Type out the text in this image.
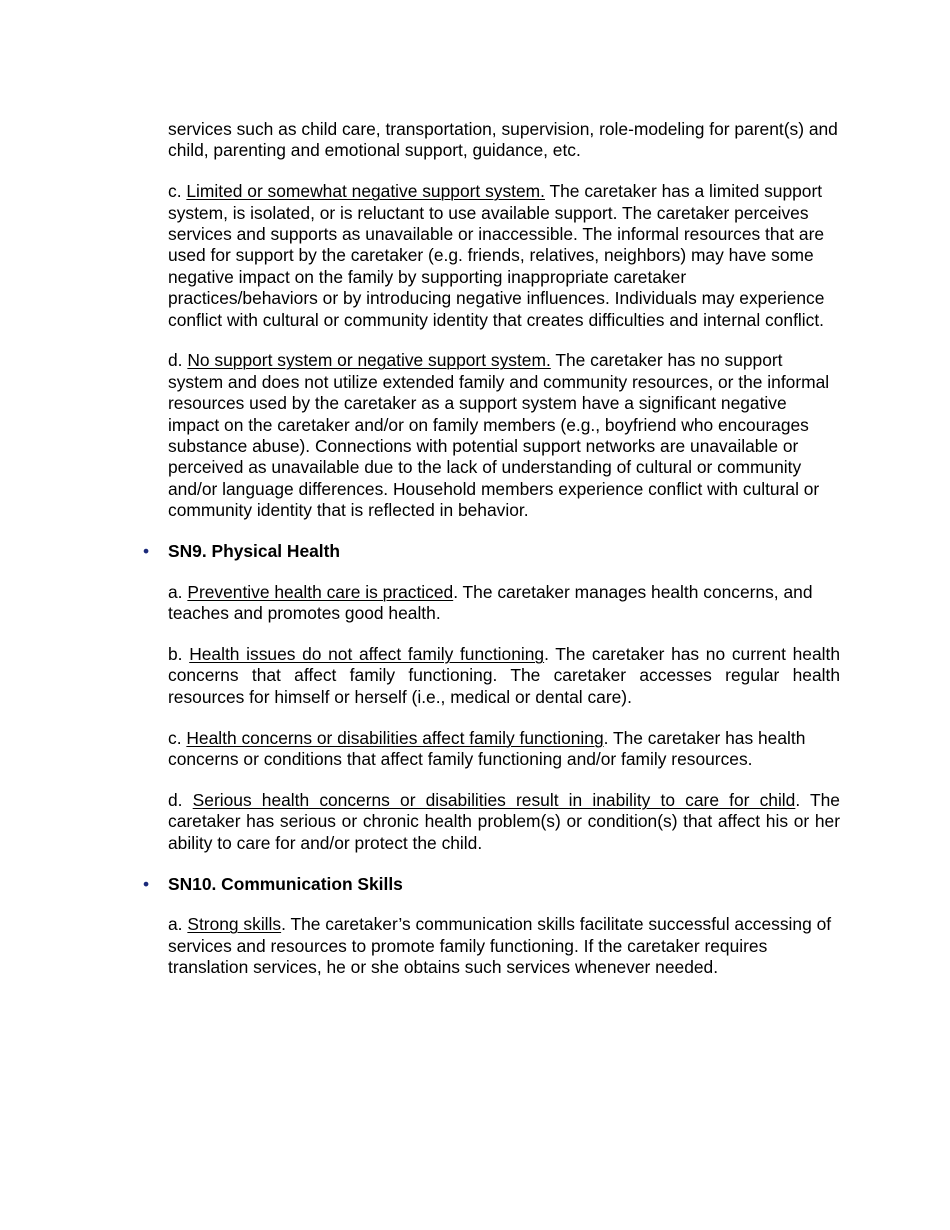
services such as child care, transportation, supervision, role-modeling for parent(s) and child, parenting and emotional support, guidance, etc.

c. Limited or somewhat negative support system. The caretaker has a limited support system, is isolated, or is reluctant to use available support. The caretaker perceives services and supports as unavailable or inaccessible. The informal resources that are used for support by the caretaker (e.g. friends, relatives, neighbors) may have some negative impact on the family by supporting inappropriate caretaker practices/behaviors or by introducing negative influences. Individuals may experience conflict with cultural or community identity that creates difficulties and internal conflict.

d. No support system or negative support system. The caretaker has no support system and does not utilize extended family and community resources, or the informal resources used by the caretaker as a support system have a significant negative impact on the caretaker and/or on family members (e.g., boyfriend who encourages substance abuse). Connections with potential support networks are unavailable or perceived as unavailable due to the lack of understanding of cultural or community and/or language differences. Household members experience conflict with cultural or community identity that is reflected in behavior.

• SN9. Physical Health

a. Preventive health care is practiced. The caretaker manages health concerns, and teaches and promotes good health.

b. Health issues do not affect family functioning. The caretaker has no current health concerns that affect family functioning. The caretaker accesses regular health resources for himself or herself (i.e., medical or dental care).

c. Health concerns or disabilities affect family functioning. The caretaker has health concerns or conditions that affect family functioning and/or family resources.

d. Serious health concerns or disabilities result in inability to care for child. The caretaker has serious or chronic health problem(s) or condition(s) that affect his or her ability to care for and/or protect the child.

• SN10. Communication Skills

a. Strong skills. The caretaker’s communication skills facilitate successful accessing of services and resources to promote family functioning. If the caretaker requires translation services, he or she obtains such services whenever needed.
